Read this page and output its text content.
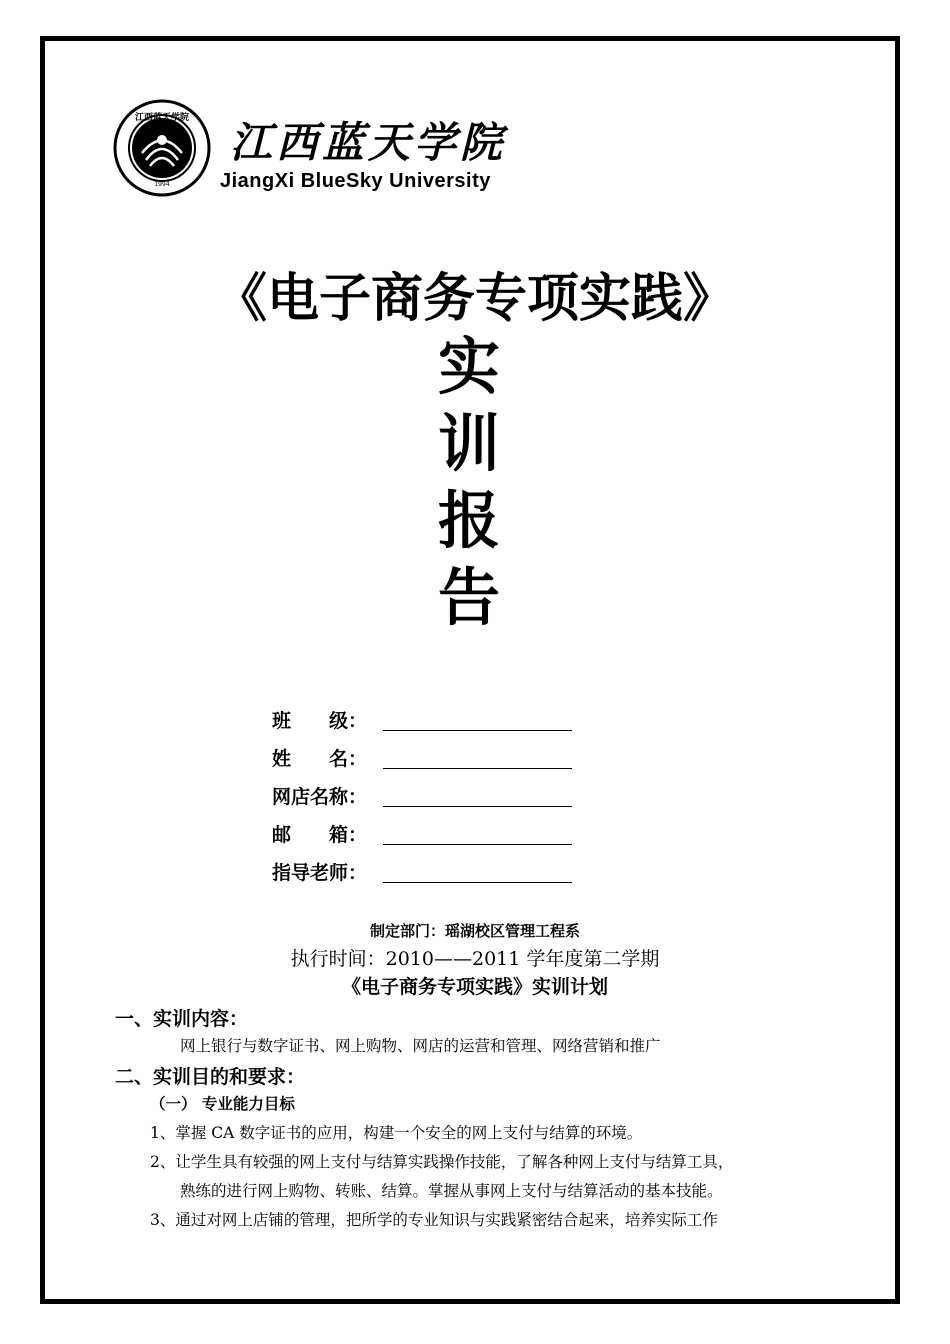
江西蓝天学院
1994
江西蓝天学院
JiangXi BlueSky University
《电子商务专项实践》
实
训
报
告
班　　级：
姓　　名：
网店名称：
邮　　箱：
指导老师：
制定部门：瑶湖校区管理工程系
执行时间：2010——2011 学年度第二学期
《电子商务专项实践》实训计划
一、实训内容：
网上银行与数字证书、网上购物、网店的运营和管理、网络营销和推广
二、实训目的和要求：
（一） 专业能力目标
1、掌握 CA 数字证书的应用，构建一个安全的网上支付与结算的环境。
2、让学生具有较强的网上支付与结算实践操作技能，了解各种网上支付与结算工具，
熟练的进行网上购物、转账、结算。掌握从事网上支付与结算活动的基本技能。
3、通过对网上店铺的管理，把所学的专业知识与实践紧密结合起来，培养实际工作
